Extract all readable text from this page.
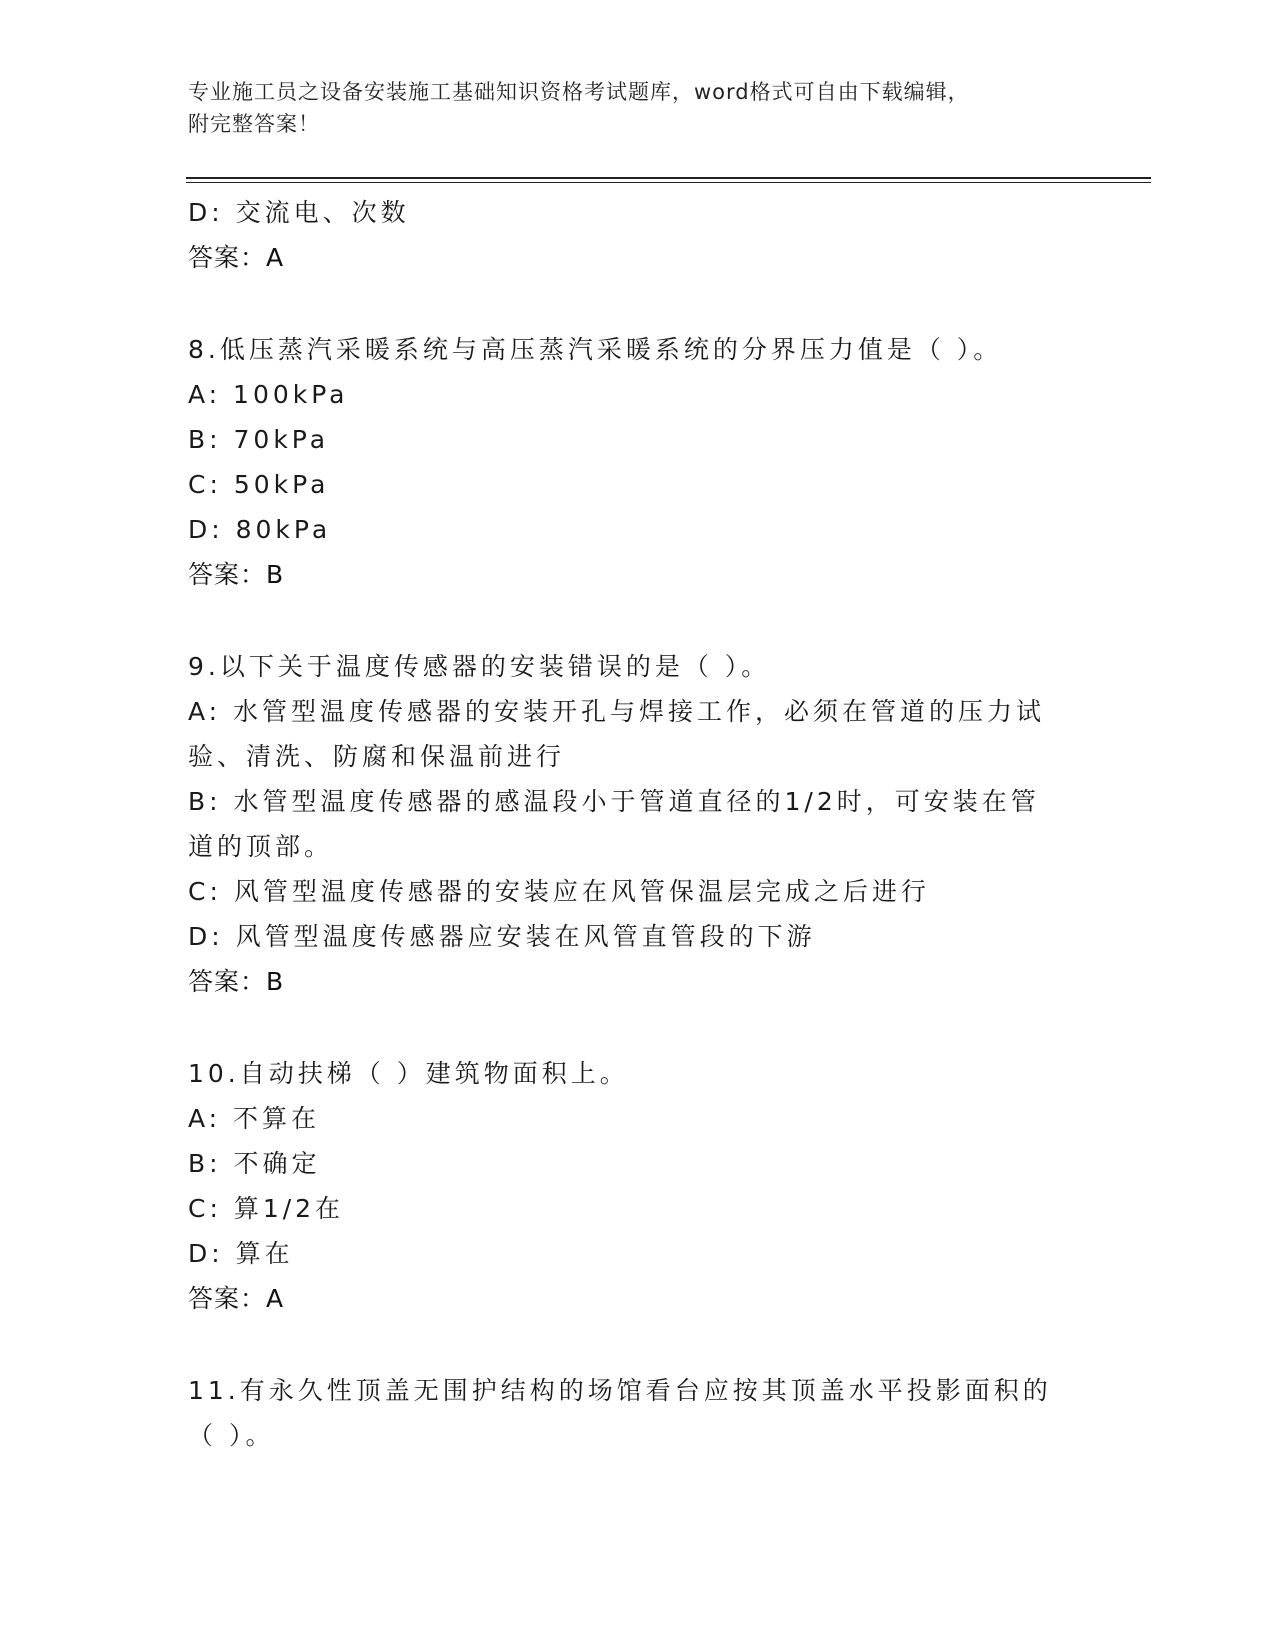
专业施工员之设备安装施工基础知识资格考试题库，word格式可自由下载编辑，
附完整答案！
D: 交流电、次数
答案：A
8.低压蒸汽采暖系统与高压蒸汽采暖系统的分界压力值是（ ）。
A: 100kPa
B: 70kPa
C: 50kPa
D: 80kPa
答案：B
9.以下关于温度传感器的安装错误的是（ ）。
A: 水管型温度传感器的安装开孔与焊接工作，必须在管道的压力试验、清洗、防腐和保温前进行
B: 水管型温度传感器的感温段小于管道直径的1/2时，可安装在管道的顶部。
C: 风管型温度传感器的安装应在风管保温层完成之后进行
D: 风管型温度传感器应安装在风管直管段的下游
答案：B
10.自动扶梯（ ）建筑物面积上。
A: 不算在
B: 不确定
C: 算1/2在
D: 算在
答案：A
11.有永久性顶盖无围护结构的场馆看台应按其顶盖水平投影面积的（ ）。
